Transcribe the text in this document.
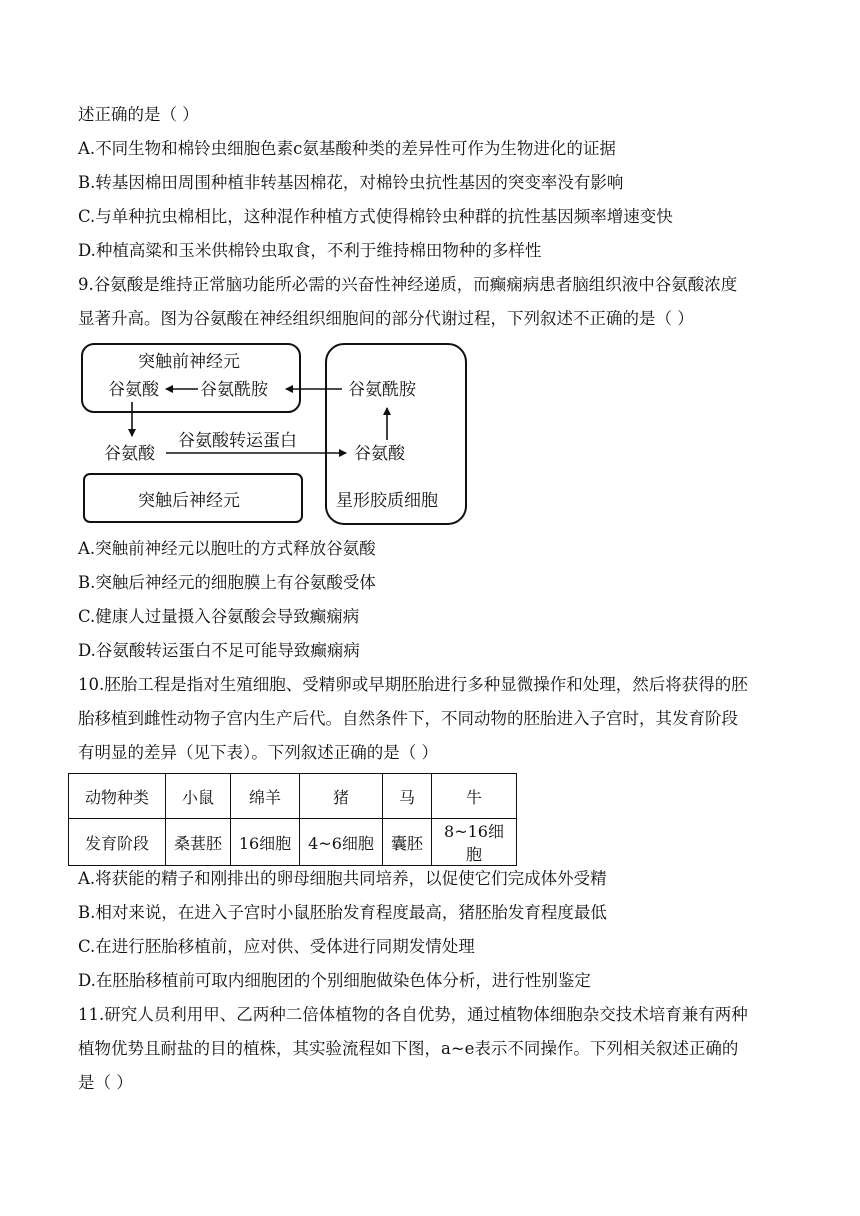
述正确的是（ ）
A.不同生物和棉铃虫细胞色素c氨基酸种类的差异性可作为生物进化的证据
B.转基因棉田周围种植非转基因棉花，对棉铃虫抗性基因的突变率没有影响
C.与单种抗虫棉相比，这种混作种植方式使得棉铃虫种群的抗性基因频率增速变快
D.种植高粱和玉米供棉铃虫取食，不利于维持棉田物种的多样性
9.谷氨酸是维持正常脑功能所必需的兴奋性神经递质，而癫痫病患者脑组织液中谷氨酸浓度
显著升高。图为谷氨酸在神经组织细胞间的部分代谢过程，下列叙述不正确的是（ ）
突触前神经元
谷氨酸 谷氨酰胺	谷氨酰胺
谷氨酸
星形胶质细胞
谷氨酸
谷氨酸转运蛋白
突触后神经元
A.突触前神经元以胞吐的方式释放谷氨酸
B.突触后神经元的细胞膜上有谷氨酸受体
C.健康人过量摄入谷氨酸会导致癫痫病
D.谷氨酸转运蛋白不足可能导致癫痫病
10.胚胎工程是指对生殖细胞、受精卵或早期胚胎进行多种显微操作和处理，然后将获得的胚
胎移植到雌性动物子宫内生产后代。自然条件下，不同动物的胚胎进入子宫时，其发育阶段
有明显的差异（见下表）。下列叙述正确的是（ ）
动物种类	小鼠	绵羊	猪	马	牛
发育阶段	桑葚胚	16细胞	4~6细胞	囊胚	8~16细胞
A.将获能的精子和刚排出的卵母细胞共同培养，以促使它们完成体外受精
B.相对来说，在进入子宫时小鼠胚胎发育程度最高，猪胚胎发育程度最低
C.在进行胚胎移植前，应对供、受体进行同期发情处理
D.在胚胎移植前可取内细胞团的个别细胞做染色体分析，进行性别鉴定
11.研究人员利用甲、乙两种二倍体植物的各自优势，通过植物体细胞杂交技术培育兼有两种
植物优势且耐盐的目的植株，其实验流程如下图，a~e表示不同操作。下列相关叙述正确的
是（ ）
